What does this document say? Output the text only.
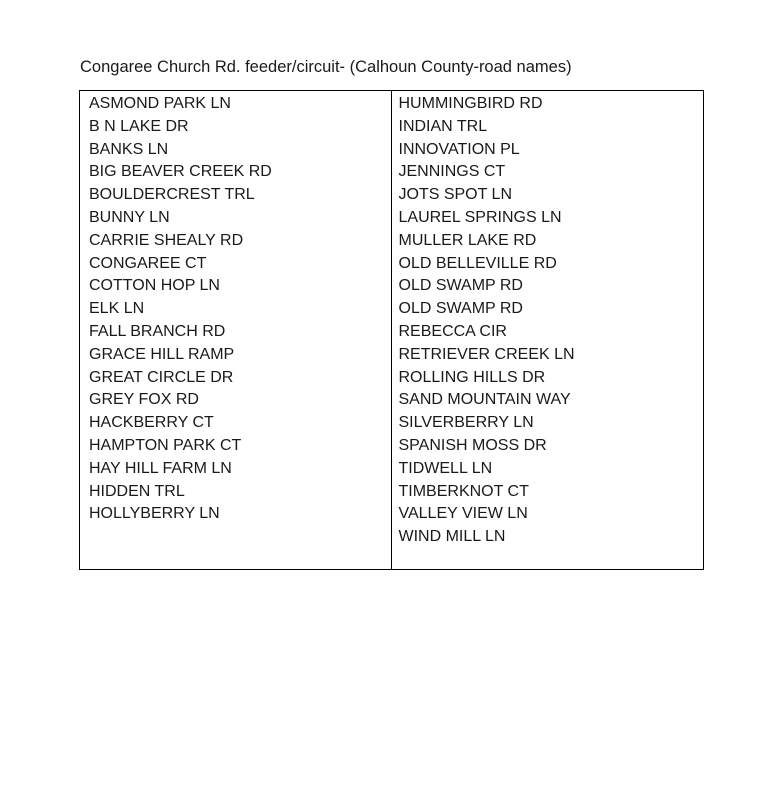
Congaree Church Rd. feeder/circuit- (Calhoun County-road names)
ASMOND PARK LN
B N LAKE DR
BANKS LN
BIG BEAVER CREEK RD
BOULDERCREST TRL
BUNNY LN
CARRIE SHEALY RD
CONGAREE CT
COTTON HOP LN
ELK LN
FALL BRANCH RD
GRACE HILL RAMP
GREAT CIRCLE DR
GREY FOX RD
HACKBERRY CT
HAMPTON PARK CT
HAY HILL FARM LN
HIDDEN TRL
HOLLYBERRY LN
HUMMINGBIRD RD
INDIAN TRL
INNOVATION PL
JENNINGS CT
JOTS SPOT LN
LAUREL SPRINGS LN
MULLER LAKE RD
OLD BELLEVILLE RD
OLD SWAMP RD
OLD SWAMP RD
REBECCA CIR
RETRIEVER CREEK LN
ROLLING HILLS DR
SAND MOUNTAIN WAY
SILVERBERRY LN
SPANISH MOSS DR
TIDWELL LN
TIMBERKNOT CT
VALLEY VIEW LN
WIND MILL LN
